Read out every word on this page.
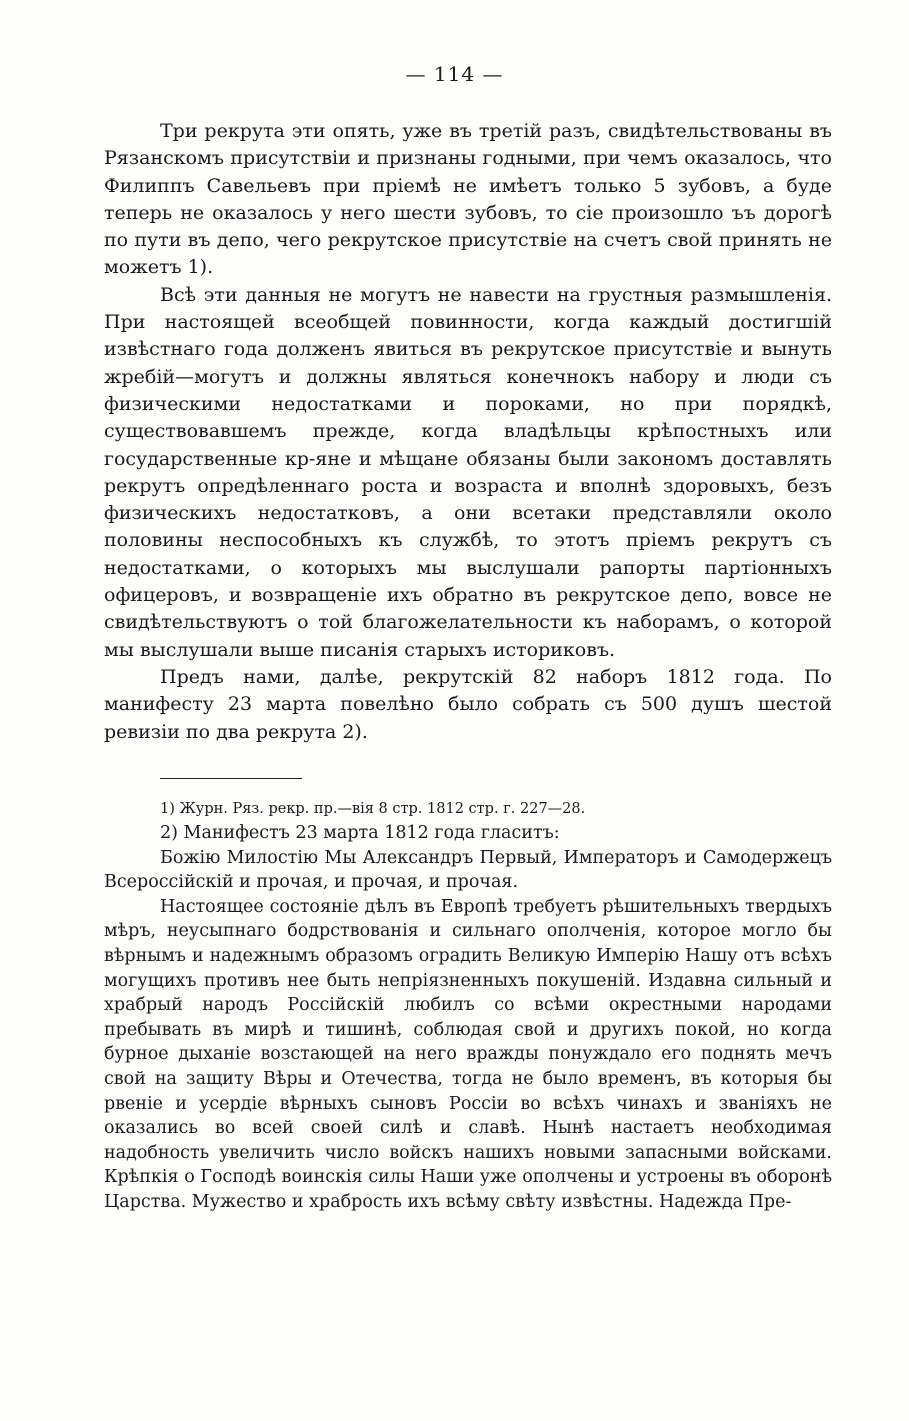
— 114 —

Три рекрута эти опять, уже въ третій разъ, свидѣтельствованы въ Рязанскомъ присутствіи и признаны годными, при чемъ оказалось, что Филиппъ Савельевъ при пріемѣ не имѣетъ только 5 зубовъ, а буде теперь не оказалось у него шести зубовъ, то сіе произошло ъъ дорогѣ по пути въ депо, чего рекрутское присутствіе на счетъ свой принять не можетъ 1).

Всѣ эти данныя не могутъ не навести на грустныя размышленія. При настоящей всеобщей повинности, когда каждый достигшій извѣстнаго года долженъ явиться въ рекрутское присутствіе и вынуть жребій—могутъ и должны являться конечнокъ набору и люди съ физическими недостатками и пороками, но при порядкѣ, существовавшемъ прежде, когда владѣльцы крѣпостныхъ или государственные кр-яне и мѣщане обязаны были закономъ доставлять рекрутъ опредѣленнаго роста и возраста и вполнѣ здоровыхъ, безъ физическихъ недостатковъ, а они всетаки представляли около половины неспособныхъ къ службѣ, то этотъ пріемъ рекрутъ съ недостатками, о которыхъ мы выслушали рапорты партіонныхъ офицеровъ, и возвращеніе ихъ обратно въ рекрутское депо, вовсе не свидѣтельствуютъ о той благожелательности къ наборамъ, о которой мы выслушали выше писанія старыхъ историковъ.

Предъ нами, далѣе, рекрутскій 82 наборъ 1812 года. По манифесту 23 марта повелѣно было собрать съ 500 душъ шестой ревизіи по два рекрута 2).

1) Журн. Ряз. рекр. пр.—вія 8 стр. 1812 стр. г. 227—28.

2) Манифестъ 23 марта 1812 года гласитъ:

Божію Милостію Мы Александръ Первый, Императоръ и Самодержецъ Всероссійскій и прочая, и прочая, и прочая.

Настоящее состояніе дѣлъ въ Европѣ требуетъ рѣшительныхъ твердыхъ мѣръ, неусыпнаго бодрствованія и сильнаго ополченія, которое могло бы вѣрнымъ и надежнымъ образомъ оградить Великую Имперію Нашу отъ всѣхъ могущихъ противъ нее быть непріязненныхъ покушеній. Издавна сильный и храбрый народъ Россійскій любилъ со всѣми окрестными народами пребывать въ мирѣ и тишинѣ, соблюдая свой и другихъ покой, но когда бурное дыханіе возстающей на него вражды понуждало его поднять мечъ свой на защиту Вѣры и Отечества, тогда не было временъ, въ которыя бы рвеніе и усердіе вѣрныхъ сыновъ Россіи во всѣхъ чинахъ и званіяхъ не оказались во всей своей силѣ и славѣ. Нынѣ настаетъ необходимая надобность увеличить число войскъ нашихъ новыми запасными войсками. Крѣпкія о Господѣ воинскія силы Наши уже ополчены и устроены въ оборонѣ Царства. Мужество и храбрость ихъ всѣму свѣту извѣстны. Надежда Пре-
